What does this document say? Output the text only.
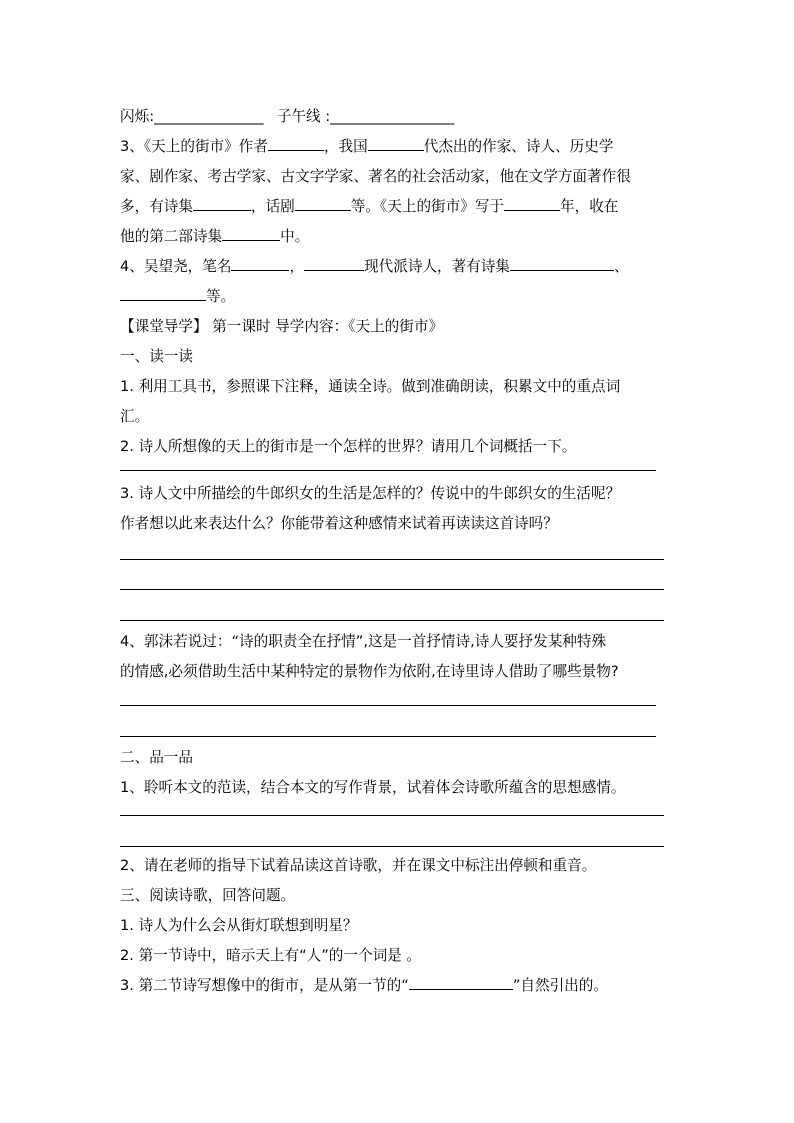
闪烁:_______________ 子午线 :_________________
3、《天上的街市》作者	，我国	代杰出的作家、诗人、历史学
家、剧作家、考古学家、古文字学家、著名的社会活动家，他在文学方面著作很
多，有诗集	，话剧	等。《天上的街市》写于	年，收在
他的第二部诗集	中。
4、吴望尧，笔名	，	现代派诗人，著有诗集	、
等。
【课堂导学】 第一课时 导学内容：《天上的街市》
一、读一读
1. 利用工具书，参照课下注释，通读全诗。做到准确朗读，积累文中的重点词
汇。
2. 诗人所想像的天上的街市是一个怎样的世界？请用几个词概括一下。
3. 诗人文中所描绘的牛郎织女的生活是怎样的？传说中的牛郎织女的生活呢？
作者想以此来表达什么？你能带着这种感情来试着再读读这首诗吗？
4、郭沫若说过：“诗的职责全在抒情”,这是一首抒情诗,诗人要抒发某种特殊
的情感,必须借助生活中某种特定的景物作为依附,在诗里诗人借助了哪些景物?
二、品一品
1、聆听本文的范读，结合本文的写作背景，试着体会诗歌所蕴含的思想感情。
2、请在老师的指导下试着品读这首诗歌，并在课文中标注出停顿和重音。
三、阅读诗歌，回答问题。
1. 诗人为什么会从街灯联想到明星？
2. 第一节诗中，暗示天上有“人”的一个词是 。
3. 第二节诗写想像中的街市，是从第一节的“	”自然引出的。
